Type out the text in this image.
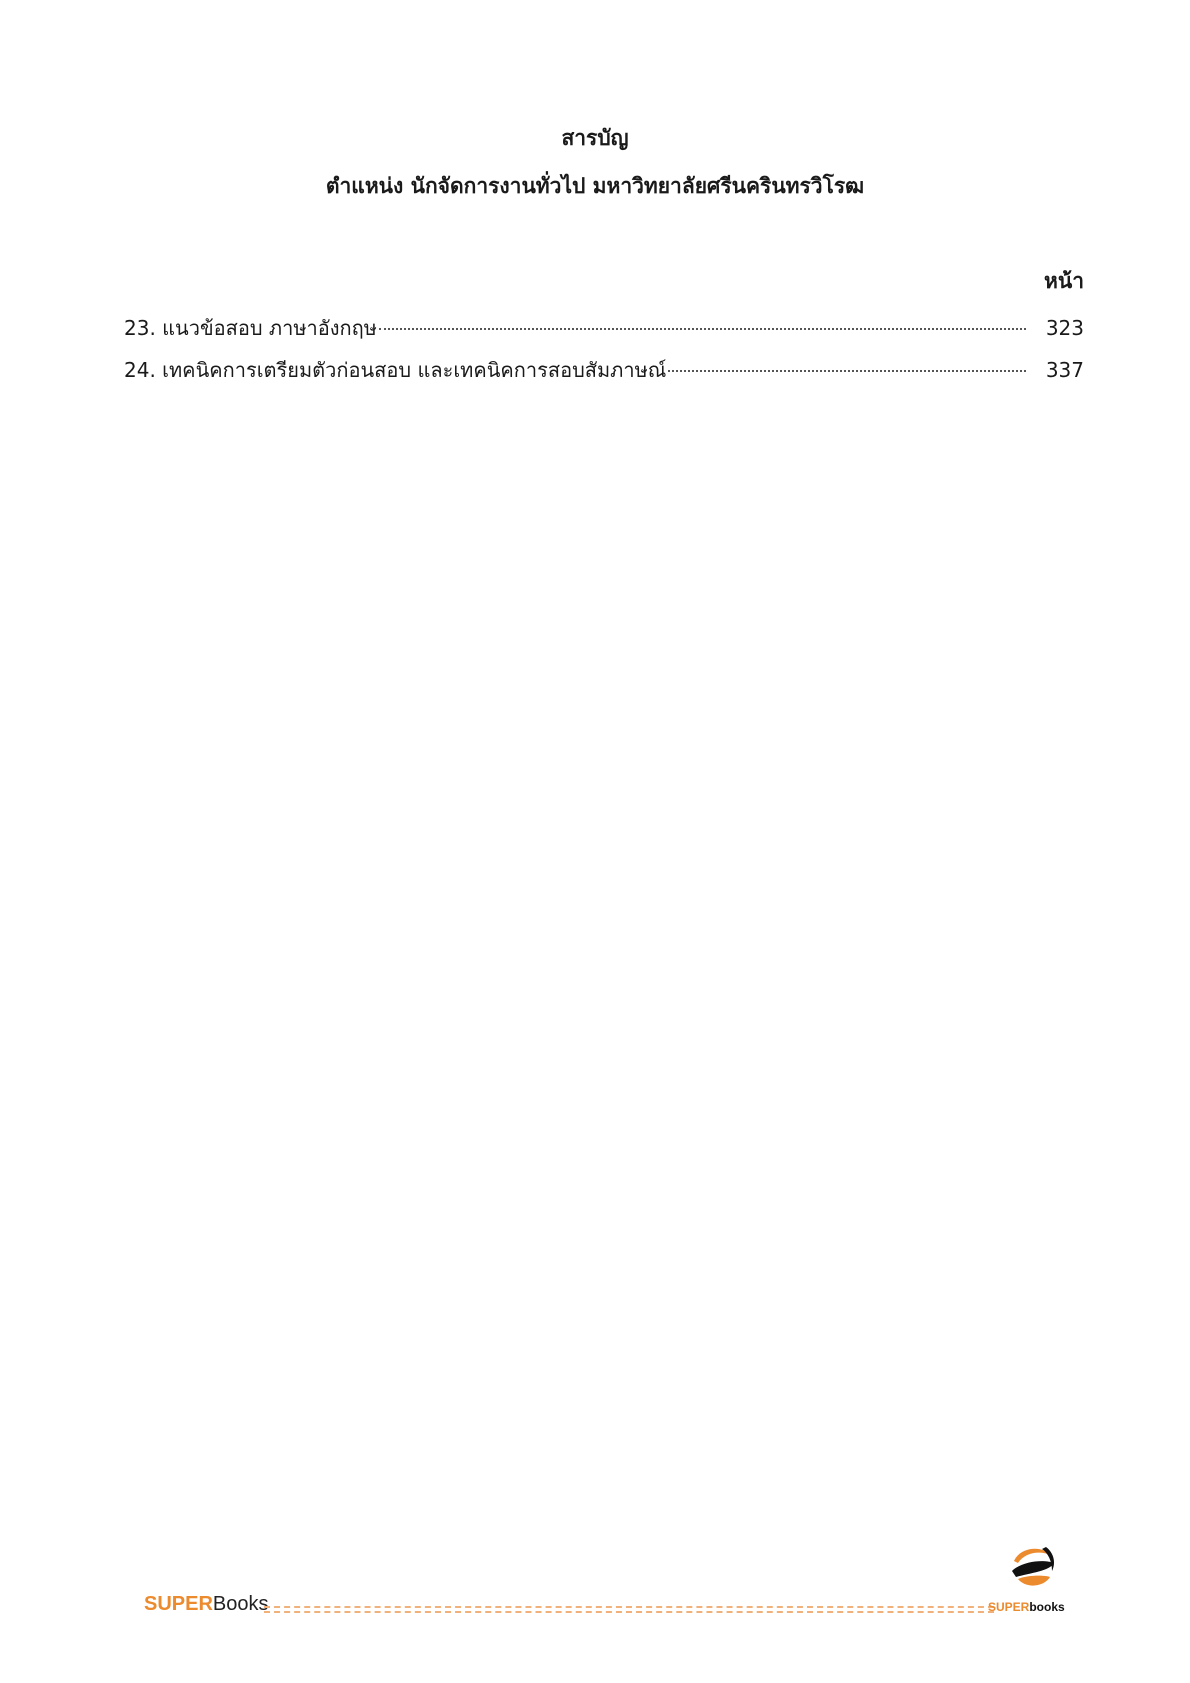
สารบัญ
ตำแหน่ง นักจัดการงานทั่วไป มหาวิทยาลัยศรีนครินทรวิโรฒ
หน้า
23. แนวข้อสอบ ภาษาอังกฤษ	323
24. เทคนิคการเตรียมตัวก่อนสอบ และเทคนิคการสอบสัมภาษณ์	337
SUPERBooks	SUPERbooks
